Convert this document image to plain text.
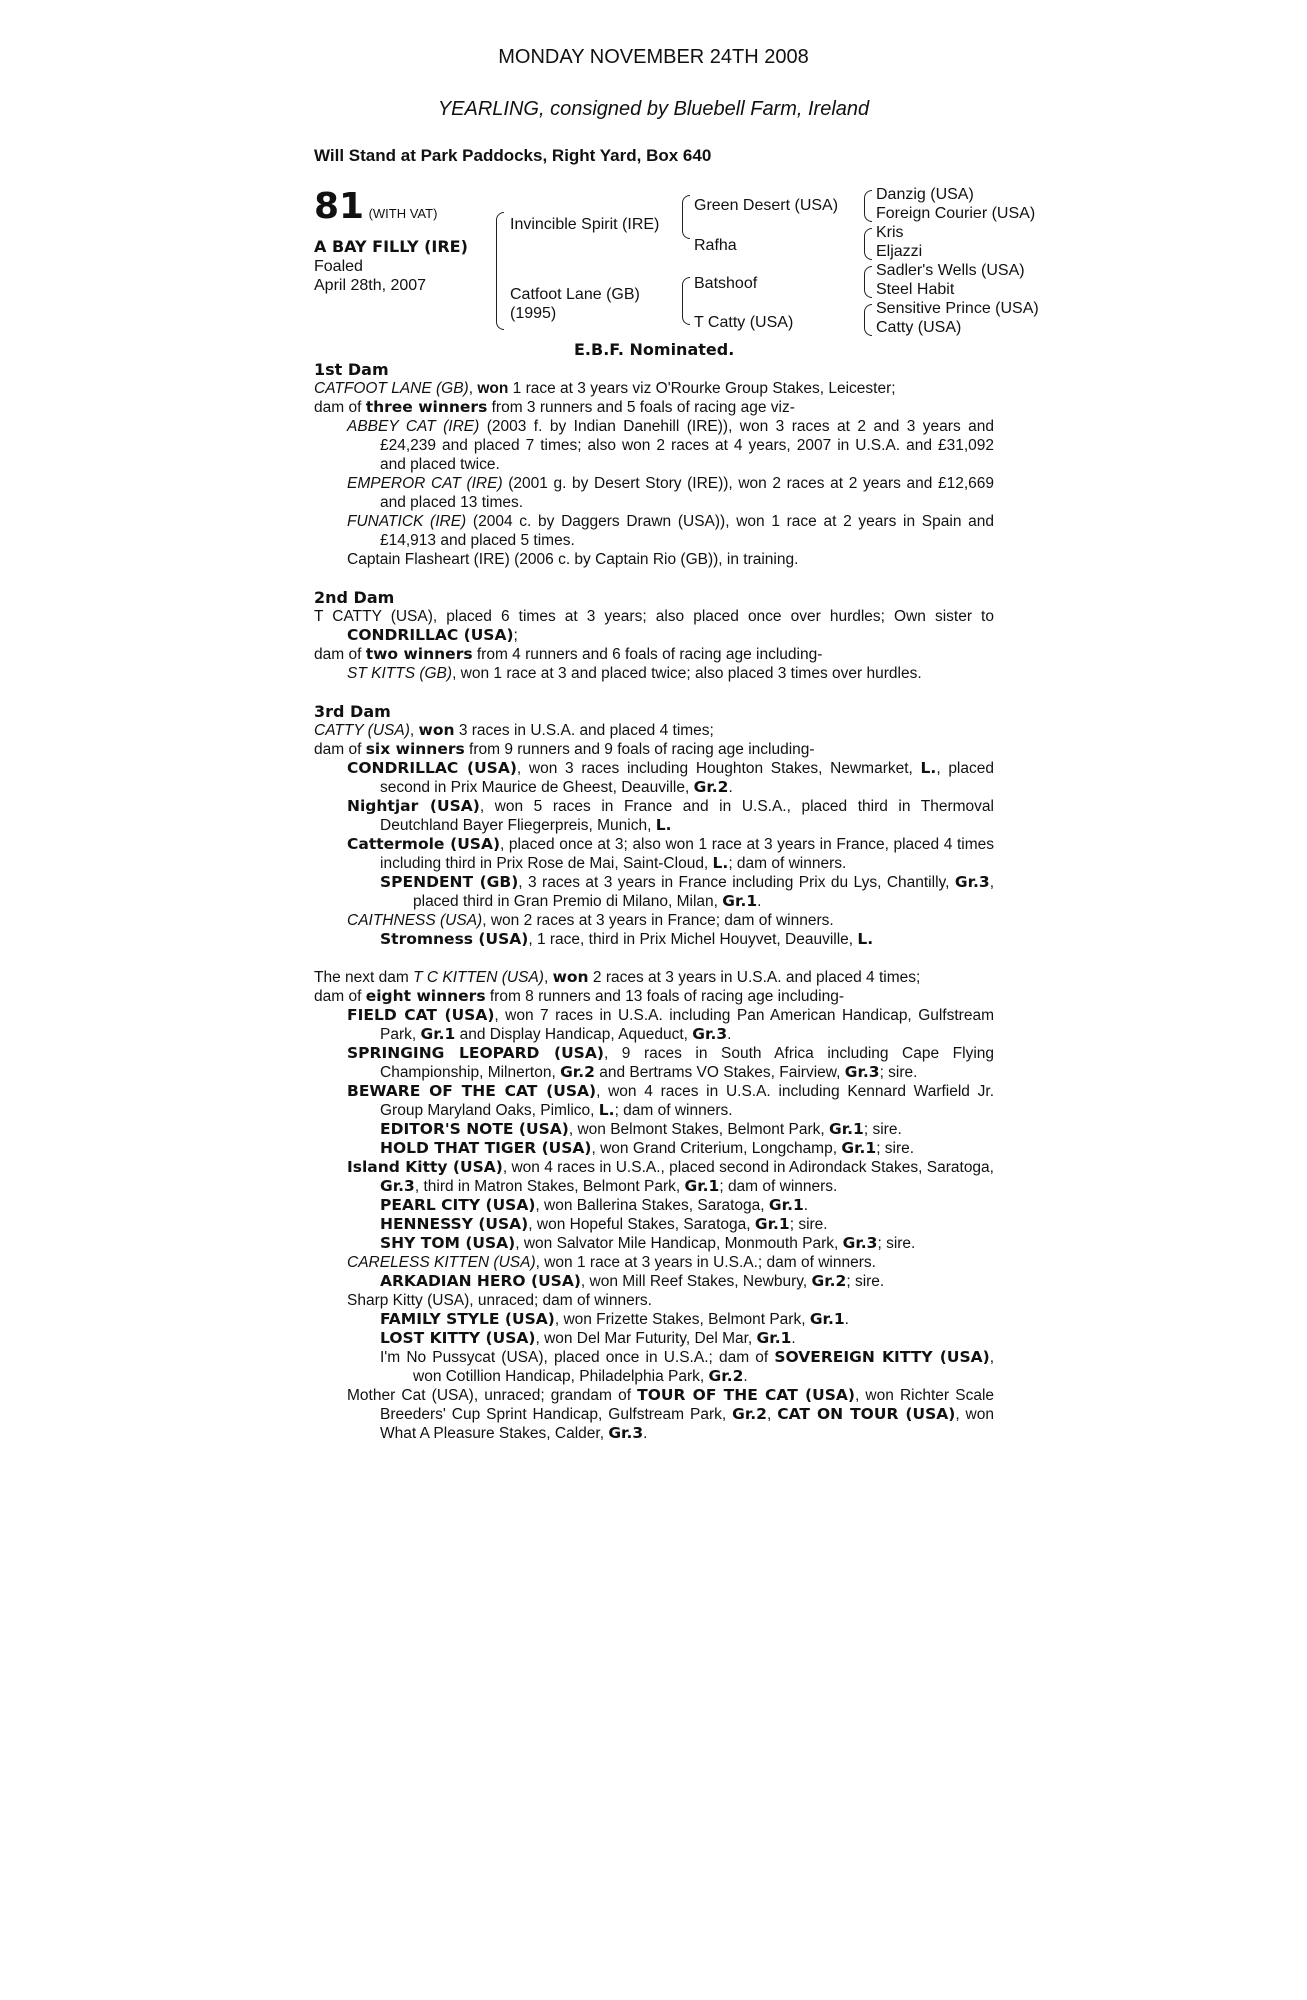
MONDAY NOVEMBER 24TH 2008
YEARLING, consigned by Bluebell Farm, Ireland
Will Stand at Park Paddocks, Right Yard, Box 640
81 (WITH VAT)
A BAY FILLY (IRE)
Foaled
April 28th, 2007
Invincible Spirit (IRE)
Catfoot Lane (GB)
(1995)
Green Desert (USA)
Rafha
Batshoof
T Catty (USA)
Danzig (USA)
Foreign Courier (USA)
Kris
Eljazzi
Sadler's Wells (USA)
Steel Habit
Sensitive Prince (USA)
Catty (USA)
E.B.F. Nominated.
1st Dam

CATFOOT LANE (GB), won 1 race at 3 years viz O'Rourke Group Stakes, Leicester;

dam of three winners from 3 runners and 5 foals of racing age viz-

ABBEY CAT (IRE) (2003 f. by Indian Danehill (IRE)), won 3 races at 2 and 3 years and £24,239 and placed 7 times; also won 2 races at 4 years, 2007 in U.S.A. and £31,092 and placed twice.

EMPEROR CAT (IRE) (2001 g. by Desert Story (IRE)), won 2 races at 2 years and £12,669 and placed 13 times.

FUNATICK (IRE) (2004 c. by Daggers Drawn (USA)), won 1 race at 2 years in Spain and £14,913 and placed 5 times.

Captain Flasheart (IRE) (2006 c. by Captain Rio (GB)), in training.

2nd Dam

T CATTY (USA), placed 6 times at 3 years; also placed once over hurdles; Own sister to CONDRILLAC (USA);

dam of two winners from 4 runners and 6 foals of racing age including-

ST KITTS (GB), won 1 race at 3 and placed twice; also placed 3 times over hurdles.

3rd Dam

CATTY (USA), won 3 races in U.S.A. and placed 4 times;

dam of six winners from 9 runners and 9 foals of racing age including-

CONDRILLAC (USA), won 3 races including Houghton Stakes, Newmarket, L., placed second in Prix Maurice de Gheest, Deauville, Gr.2.

Nightjar (USA), won 5 races in France and in U.S.A., placed third in Thermoval Deutchland Bayer Fliegerpreis, Munich, L.

Cattermole (USA), placed once at 3; also won 1 race at 3 years in France, placed 4 times including third in Prix Rose de Mai, Saint-Cloud, L.; dam of winners.

SPENDENT (GB), 3 races at 3 years in France including Prix du Lys, Chantilly, Gr.3, placed third in Gran Premio di Milano, Milan, Gr.1.

CAITHNESS (USA), won 2 races at 3 years in France; dam of winners.

Stromness (USA), 1 race, third in Prix Michel Houyvet, Deauville, L.

The next dam T C KITTEN (USA), won 2 races at 3 years in U.S.A. and placed 4 times;

dam of eight winners from 8 runners and 13 foals of racing age including-

FIELD CAT (USA), won 7 races in U.S.A. including Pan American Handicap, Gulfstream Park, Gr.1 and Display Handicap, Aqueduct, Gr.3.

SPRINGING LEOPARD (USA), 9 races in South Africa including Cape Flying Championship, Milnerton, Gr.2 and Bertrams VO Stakes, Fairview, Gr.3; sire.

BEWARE OF THE CAT (USA), won 4 races in U.S.A. including Kennard Warfield Jr. Group Maryland Oaks, Pimlico, L.; dam of winners.

EDITOR'S NOTE (USA), won Belmont Stakes, Belmont Park, Gr.1; sire.

HOLD THAT TIGER (USA), won Grand Criterium, Longchamp, Gr.1; sire.

Island Kitty (USA), won 4 races in U.S.A., placed second in Adirondack Stakes, Saratoga, Gr.3, third in Matron Stakes, Belmont Park, Gr.1; dam of winners.

PEARL CITY (USA), won Ballerina Stakes, Saratoga, Gr.1.

HENNESSY (USA), won Hopeful Stakes, Saratoga, Gr.1; sire.

SHY TOM (USA), won Salvator Mile Handicap, Monmouth Park, Gr.3; sire.

CARELESS KITTEN (USA), won 1 race at 3 years in U.S.A.; dam of winners.

ARKADIAN HERO (USA), won Mill Reef Stakes, Newbury, Gr.2; sire.

Sharp Kitty (USA), unraced; dam of winners.

FAMILY STYLE (USA), won Frizette Stakes, Belmont Park, Gr.1.

LOST KITTY (USA), won Del Mar Futurity, Del Mar, Gr.1.

I'm No Pussycat (USA), placed once in U.S.A.; dam of SOVEREIGN KITTY (USA), won Cotillion Handicap, Philadelphia Park, Gr.2.

Mother Cat (USA), unraced; grandam of TOUR OF THE CAT (USA), won Richter Scale Breeders' Cup Sprint Handicap, Gulfstream Park, Gr.2, CAT ON TOUR (USA), won What A Pleasure Stakes, Calder, Gr.3.
